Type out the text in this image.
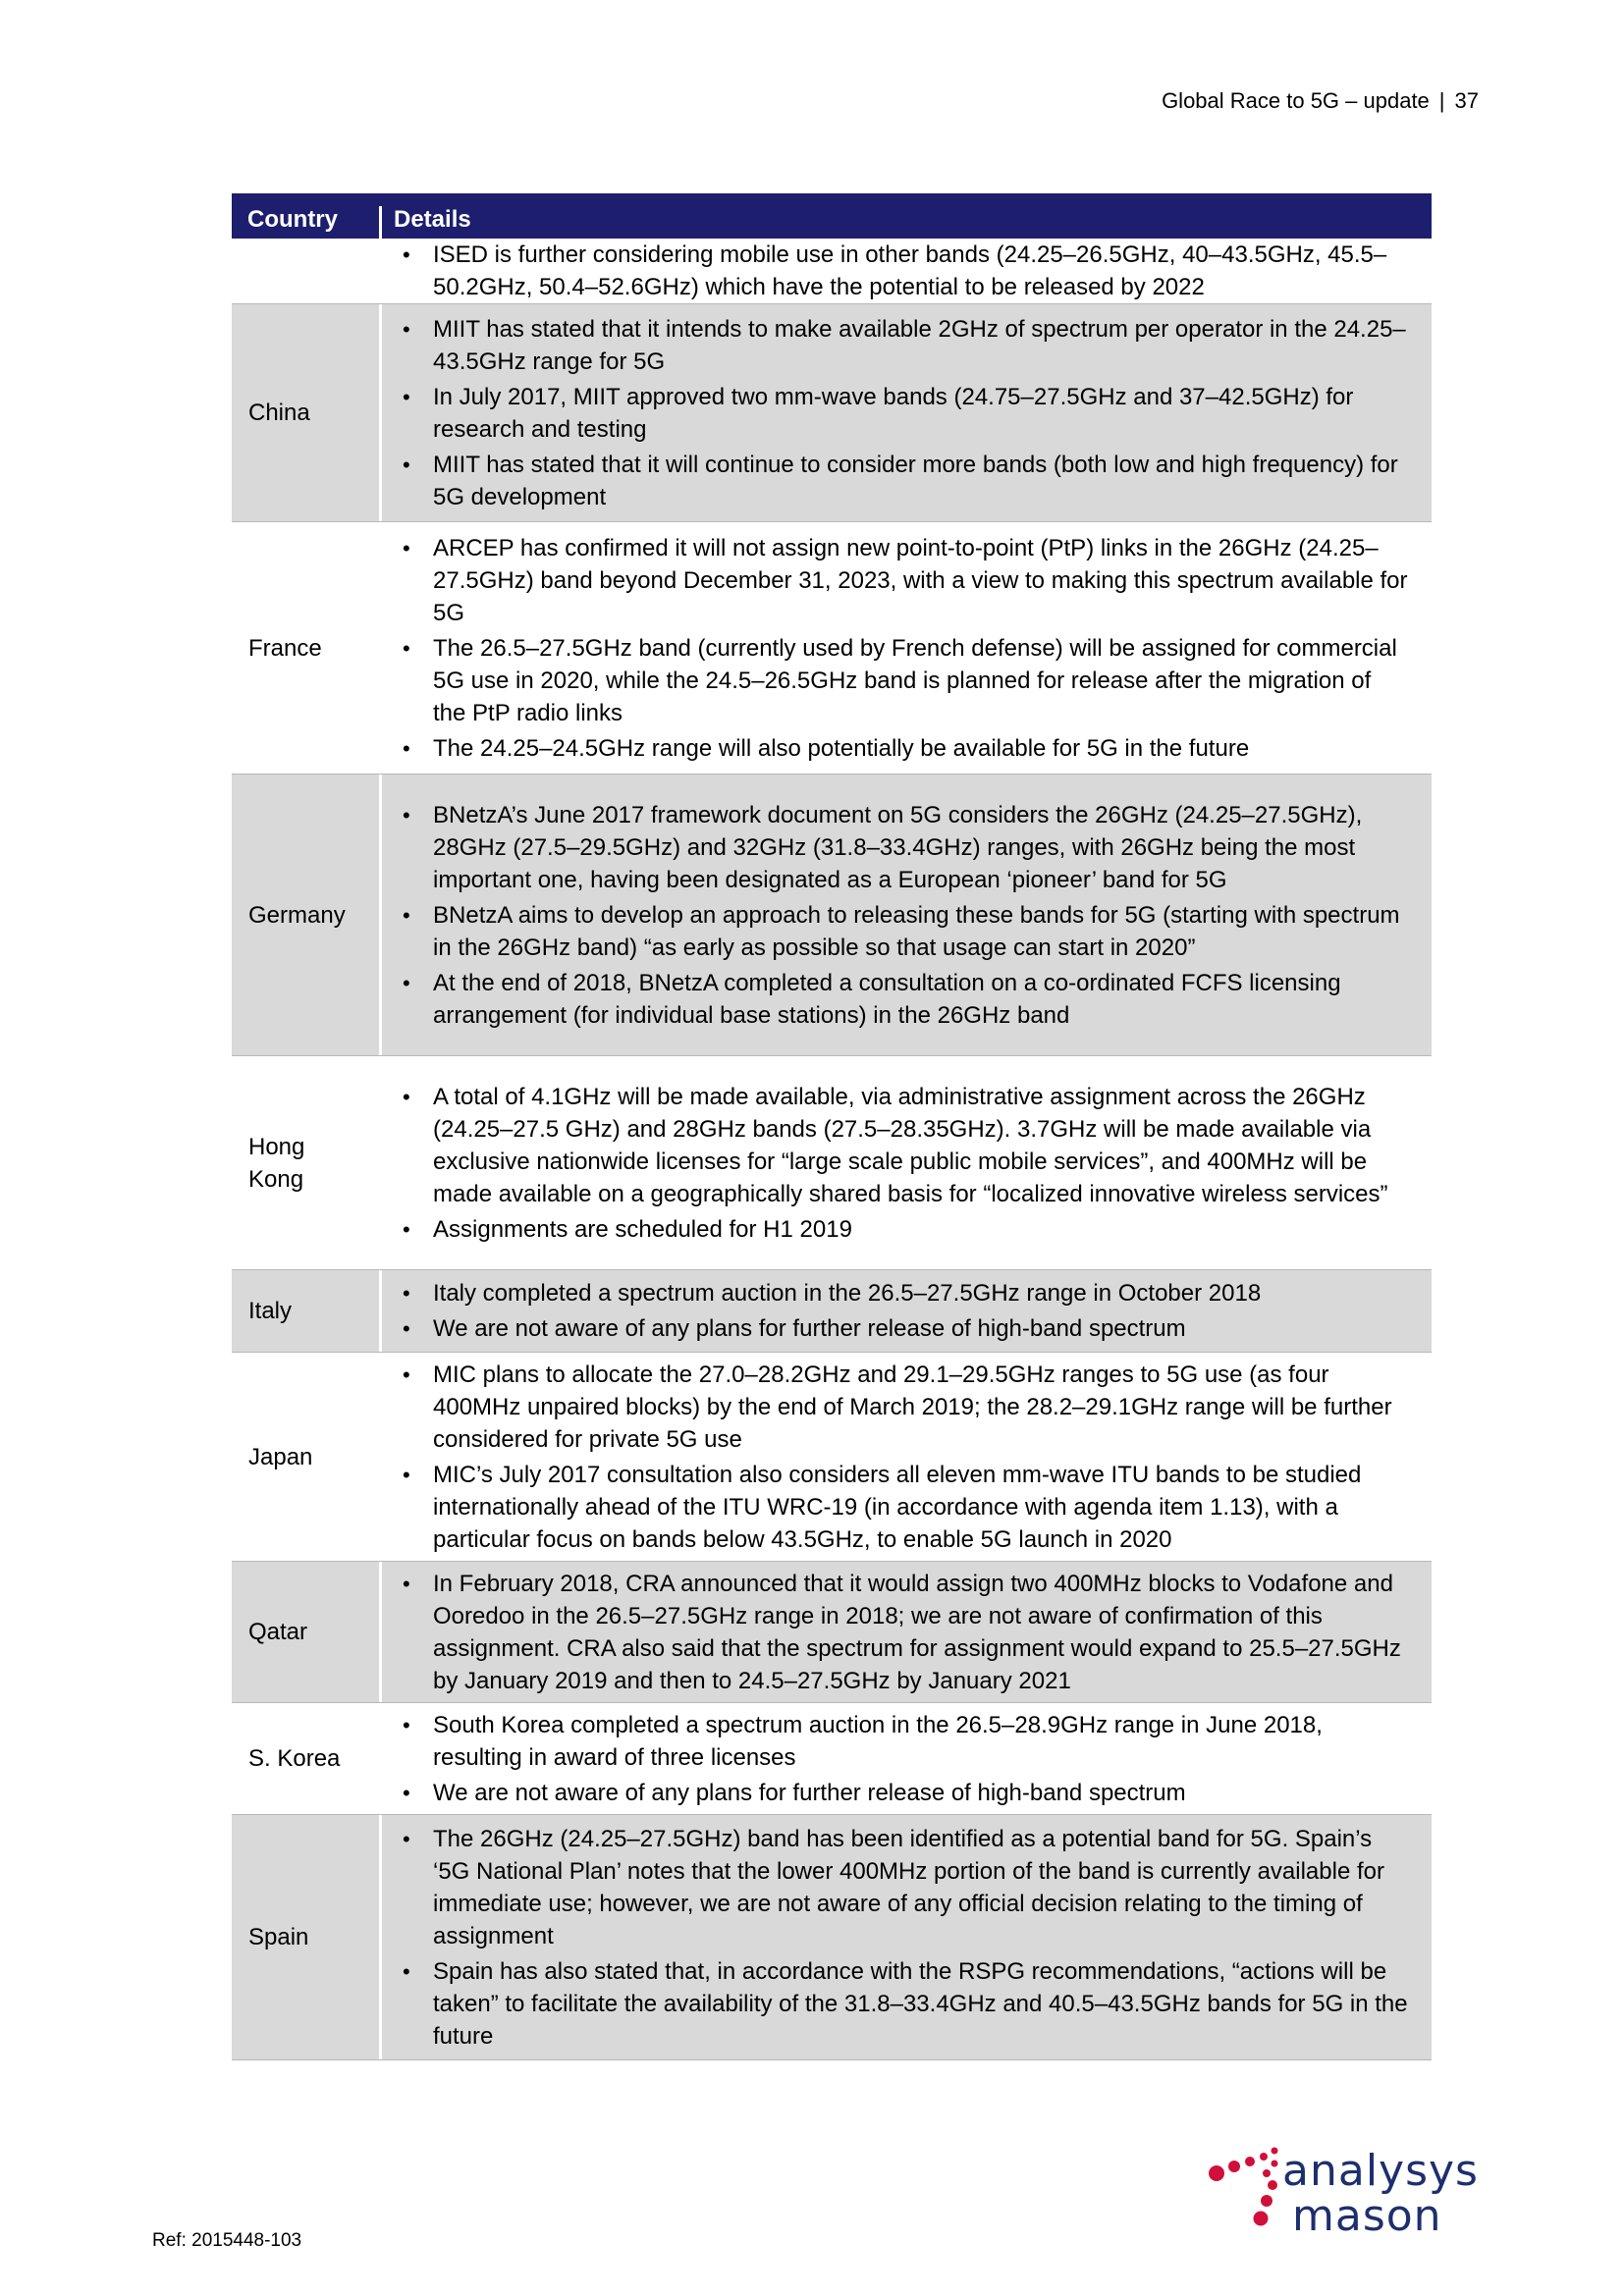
Global Race to 5G – update | 37
Country	Details
• ISED is further considering mobile use in other bands (24.25–26.5GHz, 40–43.5GHz, 45.5–50.2GHz, 50.4–52.6GHz) which have the potential to be released by 2022
China
• MIIT has stated that it intends to make available 2GHz of spectrum per operator in the 24.25–43.5GHz range for 5G
• In July 2017, MIIT approved two mm-wave bands (24.75–27.5GHz and 37–42.5GHz) for research and testing
• MIIT has stated that it will continue to consider more bands (both low and high frequency) for 5G development
France
• ARCEP has confirmed it will not assign new point-to-point (PtP) links in the 26GHz (24.25–27.5GHz) band beyond December 31, 2023, with a view to making this spectrum available for 5G
• The 26.5–27.5GHz band (currently used by French defense) will be assigned for commercial 5G use in 2020, while the 24.5–26.5GHz band is planned for release after the migration of the PtP radio links
• The 24.25–24.5GHz range will also potentially be available for 5G in the future
Germany
• BNetzA’s June 2017 framework document on 5G considers the 26GHz (24.25–27.5GHz), 28GHz (27.5–29.5GHz) and 32GHz (31.8–33.4GHz) ranges, with 26GHz being the most important one, having been designated as a European ‘pioneer’ band for 5G
• BNetzA aims to develop an approach to releasing these bands for 5G (starting with spectrum in the 26GHz band) “as early as possible so that usage can start in 2020”
• At the end of 2018, BNetzA completed a consultation on a co-ordinated FCFS licensing arrangement (for individual base stations) in the 26GHz band
Hong Kong
• A total of 4.1GHz will be made available, via administrative assignment across the 26GHz (24.25–27.5 GHz) and 28GHz bands (27.5–28.35GHz). 3.7GHz will be made available via exclusive nationwide licenses for “large scale public mobile services”, and 400MHz will be made available on a geographically shared basis for “localized innovative wireless services”
• Assignments are scheduled for H1 2019
Italy
• Italy completed a spectrum auction in the 26.5–27.5GHz range in October 2018
• We are not aware of any plans for further release of high-band spectrum
Japan
• MIC plans to allocate the 27.0–28.2GHz and 29.1–29.5GHz ranges to 5G use (as four 400MHz unpaired blocks) by the end of March 2019; the 28.2–29.1GHz range will be further considered for private 5G use
• MIC’s July 2017 consultation also considers all eleven mm-wave ITU bands to be studied internationally ahead of the ITU WRC-19 (in accordance with agenda item 1.13), with a particular focus on bands below 43.5GHz, to enable 5G launch in 2020
Qatar
• In February 2018, CRA announced that it would assign two 400MHz blocks to Vodafone and Ooredoo in the 26.5–27.5GHz range in 2018; we are not aware of confirmation of this assignment. CRA also said that the spectrum for assignment would expand to 25.5–27.5GHz by January 2019 and then to 24.5–27.5GHz by January 2021
S. Korea
• South Korea completed a spectrum auction in the 26.5–28.9GHz range in June 2018, resulting in award of three licenses
• We are not aware of any plans for further release of high-band spectrum
Spain
• The 26GHz (24.25–27.5GHz) band has been identified as a potential band for 5G. Spain’s ‘5G National Plan’ notes that the lower 400MHz portion of the band is currently available for immediate use; however, we are not aware of any official decision relating to the timing of assignment
• Spain has also stated that, in accordance with the RSPG recommendations, “actions will be taken” to facilitate the availability of the 31.8–33.4GHz and 40.5–43.5GHz bands for 5G in the future
Ref: 2015448-103
analysys
mason
